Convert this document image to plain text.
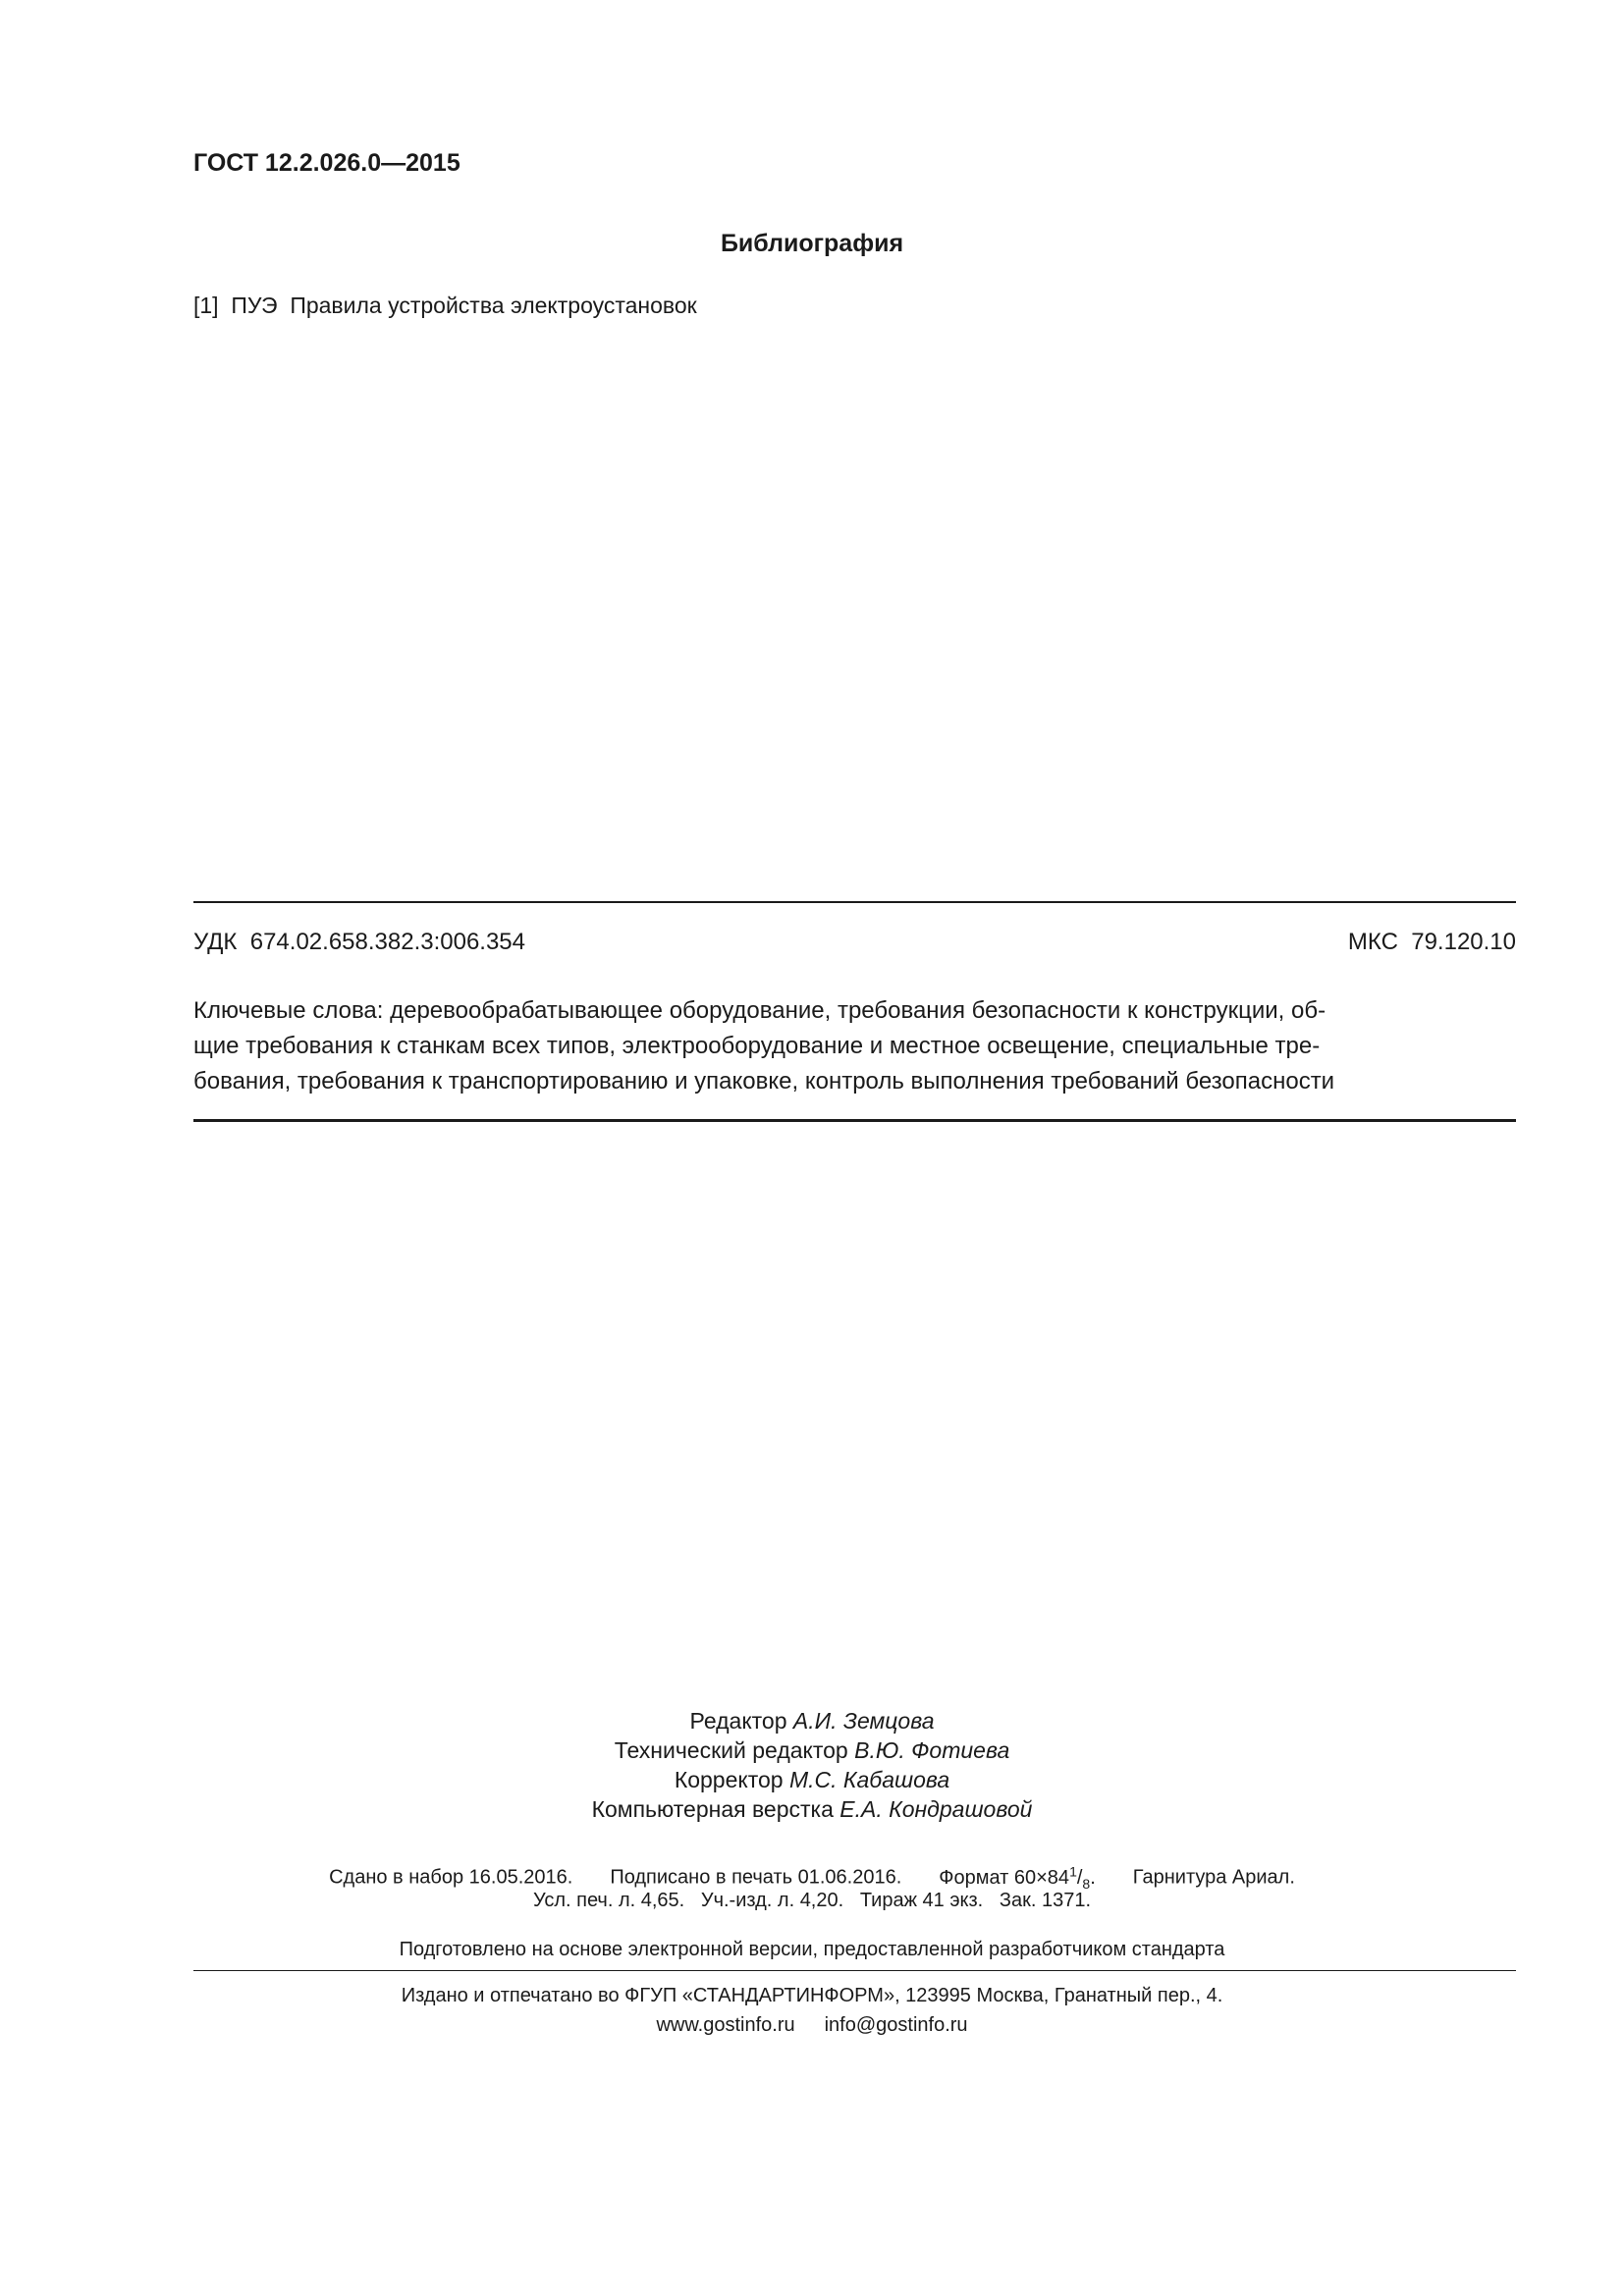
ГОСТ 12.2.026.0—2015
Библиография
[1] ПУЭ Правила устройства электроустановок
УДК  674.02.658.382.3:006.354	МКС  79.120.10
Ключевые слова: деревообрабатывающее оборудование, требования безопасности к конструкции, об-
щие требования к станкам всех типов, электрооборудование и местное освещение, специальные тре-
бования, требования к транспортированию и упаковке, контроль выполнения требований безопасности
Редактор А.И. Земцова
Технический редактор В.Ю. Фотиева
Корректор М.С. Кабашова
Компьютерная верстка Е.А. Кондрашовой
Сдано в набор 16.05.2016. Подписано в печать 01.06.2016. Формат $60\times 84^1/_8$. Гарнитура Ариал.
Усл. печ. л. 4,65.   Уч.-изд. л. 4,20.   Тираж 41 экз.   Зак. 1371.
Подготовлено на основе электронной версии, предоставленной разработчиком стандарта
Издано и отпечатано во ФГУП «СТАНДАРТИНФОРМ», 123995 Москва, Гранатный пер., 4.
www.gostinfo.ru info@gostinfo.ru
